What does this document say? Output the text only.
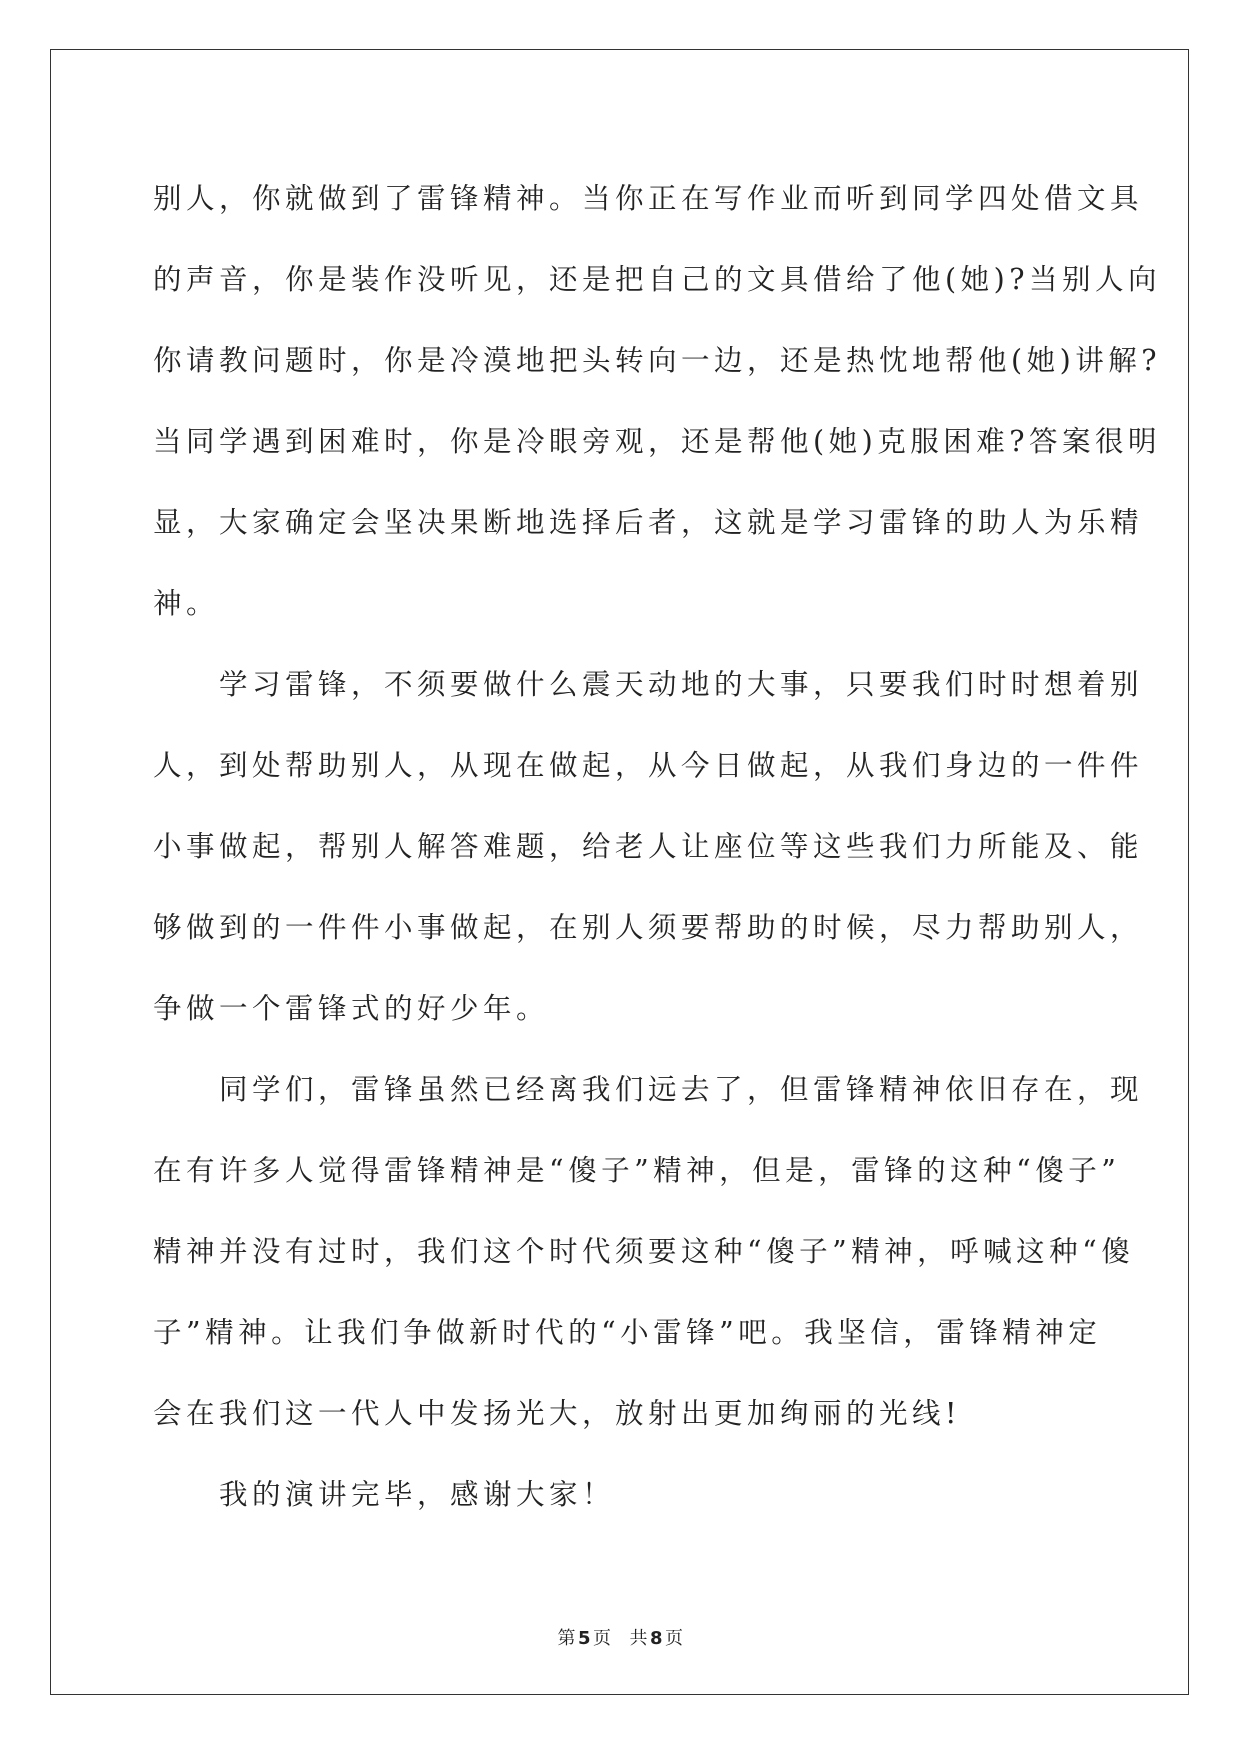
别人，你就做到了雷锋精神。当你正在写作业而听到同学四处借文具
的声音，你是装作没听见，还是把自己的文具借给了他(她)?当别人向
你请教问题时，你是冷漠地把头转向一边，还是热忱地帮他(她)讲解?
当同学遇到困难时，你是冷眼旁观，还是帮他(她)克服困难?答案很明
显，大家确定会坚决果断地选择后者，这就是学习雷锋的助人为乐精
神。
　　学习雷锋，不须要做什么震天动地的大事，只要我们时时想着别
人，到处帮助别人，从现在做起，从今日做起，从我们身边的一件件
小事做起，帮别人解答难题，给老人让座位等这些我们力所能及、能
够做到的一件件小事做起，在别人须要帮助的时候，尽力帮助别人，
争做一个雷锋式的好少年。
　　同学们，雷锋虽然已经离我们远去了，但雷锋精神依旧存在，现
在有许多人觉得雷锋精神是“傻子”精神，但是，雷锋的这种“傻子”
精神并没有过时，我们这个时代须要这种“傻子”精神，呼喊这种“傻
子”精神。让我们争做新时代的“小雷锋”吧。我坚信，雷锋精神定
会在我们这一代人中发扬光大，放射出更加绚丽的光线!
　　我的演讲完毕，感谢大家！
第 5 页 共 8 页
